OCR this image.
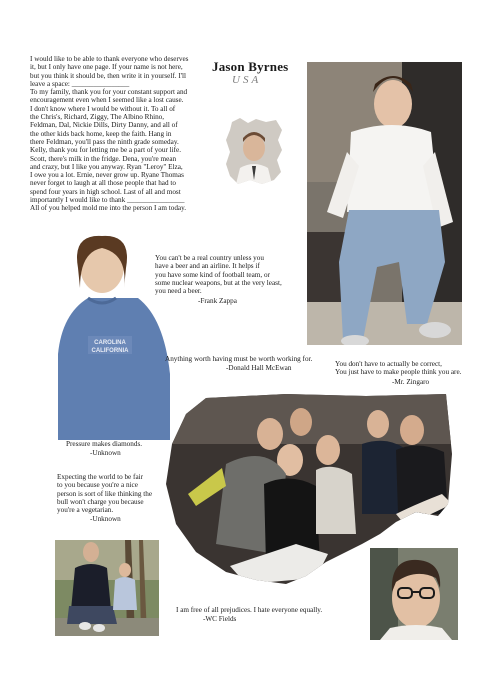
Jason Byrnes
USA
I would like to be able to thank everyone who deserves
it, but I only have one page. If your name is not here,
but you think it should be, then write it in yourself. I'll
leave a space: ________________
To my family, thank you for your constant support and
encouragement even when I seemed like a lost cause.
I don't know where I would be without it. To all of
the Chris's, Richard, Ziggy, The Albino Rhino,
Feldman, Dal, Nickie Dills, Dirty Danny, and all of
the other kids back home, keep the faith. Hang in
there Feldman, you'll pass the ninth grade someday.
Kelly, thank you for letting me be a part of your life.
Scott, there's milk in the fridge. Dena, you're mean
and crazy, but I like you anyway. Ryan "Leroy" Elza,
I owe you a lot. Ernie, never grow up. Ryane Thomas
never forget to laugh at all those people that had to
spend four years in high school. Last of all and most
importantly I would like to thank ________________
All of you helped mold me into the person I am today.
CAROLINA
CALIFORNIA
You can't be a real country unless you
have a beer and an airline. It helps if
you have some kind of football team, or
some nuclear weapons, but at the very least,
you need a beer.
-Frank Zappa
Anything worth having must be worth working for.
-Donald Hall McEwan	You don't have to actually be correct,
You just have to make people think you are.
-Mr. Zingaro
Pressure makes diamonds.
-Unknown
Expecting the world to be fair
to you because you're a nice
person is sort of like thinking the
bull won't charge you because
you're a vegetarian.
-Unknown
I am free of all prejudices. I hate everyone equally.
-WC Fields
